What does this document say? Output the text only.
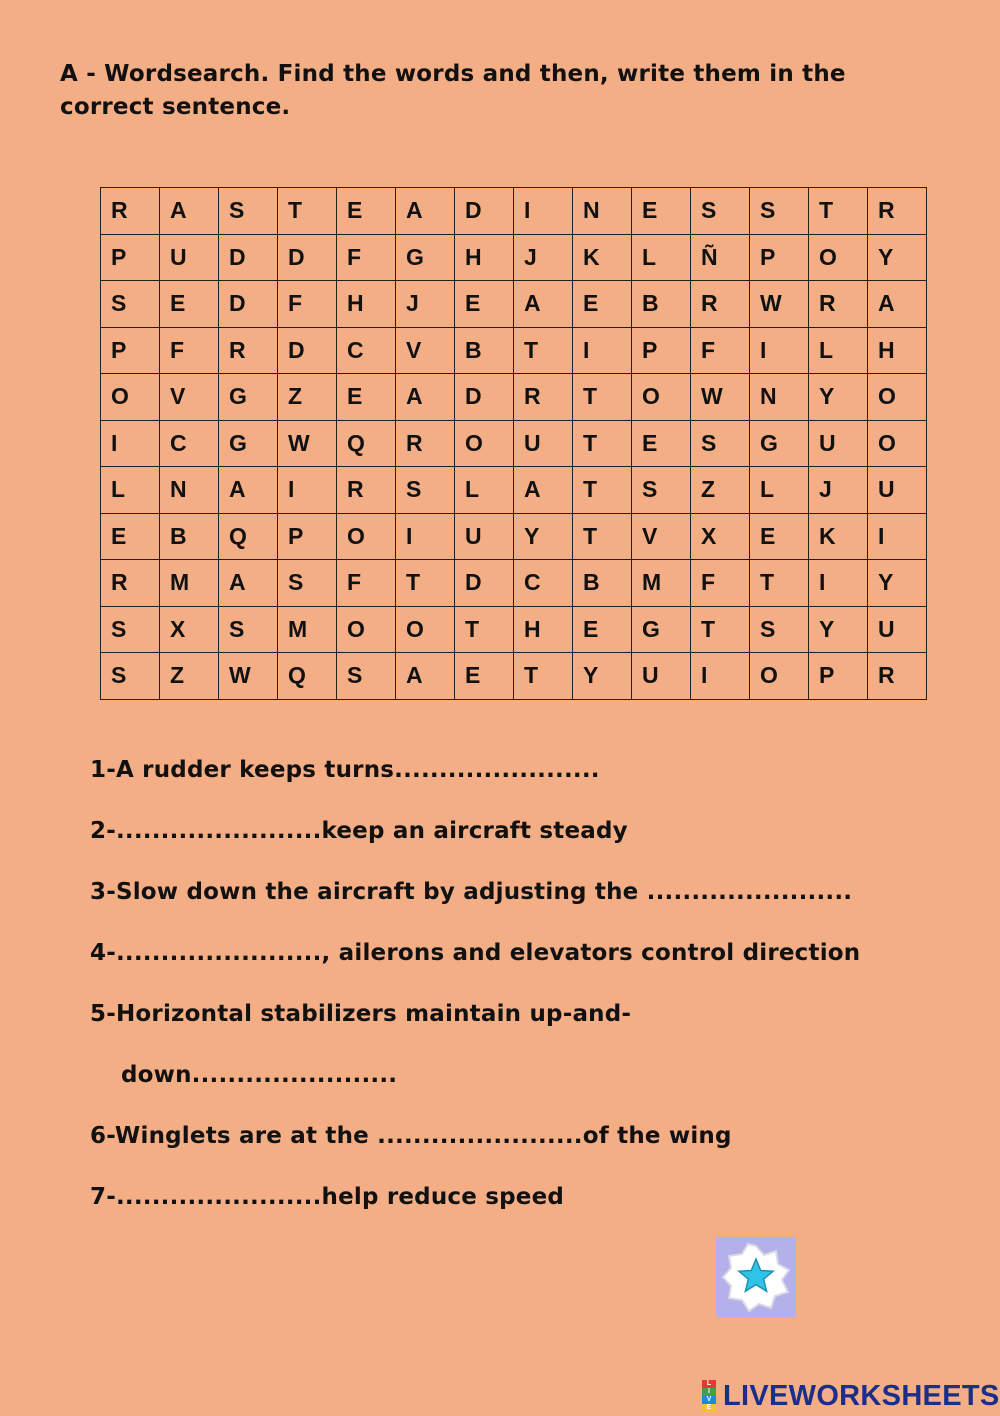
A - Wordsearch. Find the words and then, write them in the correct sentence.
R	A	S	T	E	A	D	I	N	E	S	S	T	R
P	U	D	D	F	G	H	J	K	L	Ñ	P	O	Y
S	E	D	F	H	J	E	A	E	B	R	W	R	A
P	F	R	D	C	V	B	T	I	P	F	I	L	H
O	V	G	Z	E	A	D	R	T	O	W	N	Y	O
I	C	G	W	Q	R	O	U	T	E	S	G	U	O
L	N	A	I	R	S	L	A	T	S	Z	L	J	U
E	B	Q	P	O	I	U	Y	T	V	X	E	K	I
R	M	A	S	F	T	D	C	B	M	F	T	I	Y
S	X	S	M	O	O	T	H	E	G	T	S	Y	U
S	Z	W	Q	S	A	E	T	Y	U	I	O	P	R
1-A rudder keeps turns.......................
2-.......................keep an aircraft steady
3-Slow down the aircraft by adjusting the .......................
4-......................., ailerons and elevators control direction
5-Horizontal stabilizers maintain up-and-
down.......................
6-Winglets are at the .......................of the wing
7-.......................help reduce speed
L
I
V
E LIVEWORKSHEETS
